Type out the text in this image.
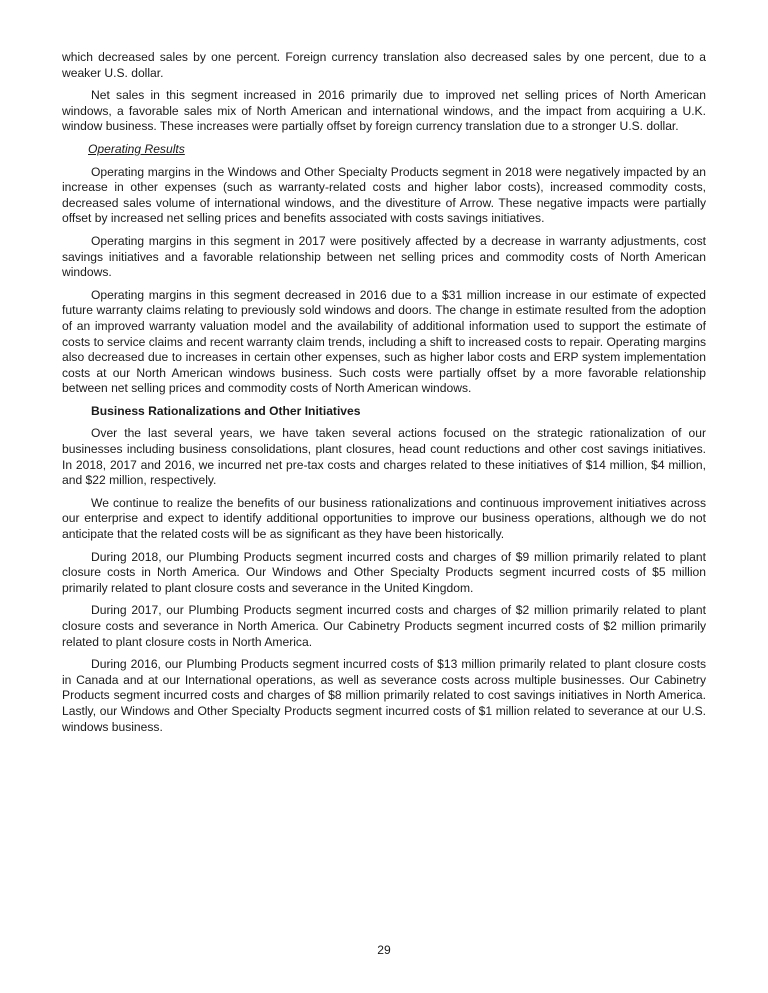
which decreased sales by one percent. Foreign currency translation also decreased sales by one percent, due to a weaker U.S. dollar.

Net sales in this segment increased in 2016 primarily due to improved net selling prices of North American windows, a favorable sales mix of North American and international windows, and the impact from acquiring a U.K. window business. These increases were partially offset by foreign currency translation due to a stronger U.S. dollar.

Operating Results

Operating margins in the Windows and Other Specialty Products segment in 2018 were negatively impacted by an increase in other expenses (such as warranty-related costs and higher labor costs), increased commodity costs, decreased sales volume of international windows, and the divestiture of Arrow. These negative impacts were partially offset by increased net selling prices and benefits associated with costs savings initiatives.

Operating margins in this segment in 2017 were positively affected by a decrease in warranty adjustments, cost savings initiatives and a favorable relationship between net selling prices and commodity costs of North American windows.

Operating margins in this segment decreased in 2016 due to a $31 million increase in our estimate of expected future warranty claims relating to previously sold windows and doors. The change in estimate resulted from the adoption of an improved warranty valuation model and the availability of additional information used to support the estimate of costs to service claims and recent warranty claim trends, including a shift to increased costs to repair. Operating margins also decreased due to increases in certain other expenses, such as higher labor costs and ERP system implementation costs at our North American windows business. Such costs were partially offset by a more favorable relationship between net selling prices and commodity costs of North American windows.

Business Rationalizations and Other Initiatives

Over the last several years, we have taken several actions focused on the strategic rationalization of our businesses including business consolidations, plant closures, head count reductions and other cost savings initiatives. In 2018, 2017 and 2016, we incurred net pre-tax costs and charges related to these initiatives of $14 million, $4 million, and $22 million, respectively.

We continue to realize the benefits of our business rationalizations and continuous improvement initiatives across our enterprise and expect to identify additional opportunities to improve our business operations, although we do not anticipate that the related costs will be as significant as they have been historically.

During 2018, our Plumbing Products segment incurred costs and charges of $9 million primarily related to plant closure costs in North America. Our Windows and Other Specialty Products segment incurred costs of $5 million primarily related to plant closure costs and severance in the United Kingdom.

During 2017, our Plumbing Products segment incurred costs and charges of $2 million primarily related to plant closure costs and severance in North America. Our Cabinetry Products segment incurred costs of $2 million primarily related to plant closure costs in North America.

During 2016, our Plumbing Products segment incurred costs of $13 million primarily related to plant closure costs in Canada and at our International operations, as well as severance costs across multiple businesses. Our Cabinetry Products segment incurred costs and charges of $8 million primarily related to cost savings initiatives in North America. Lastly, our Windows and Other Specialty Products segment incurred costs of $1 million related to severance at our U.S. windows business.

29
